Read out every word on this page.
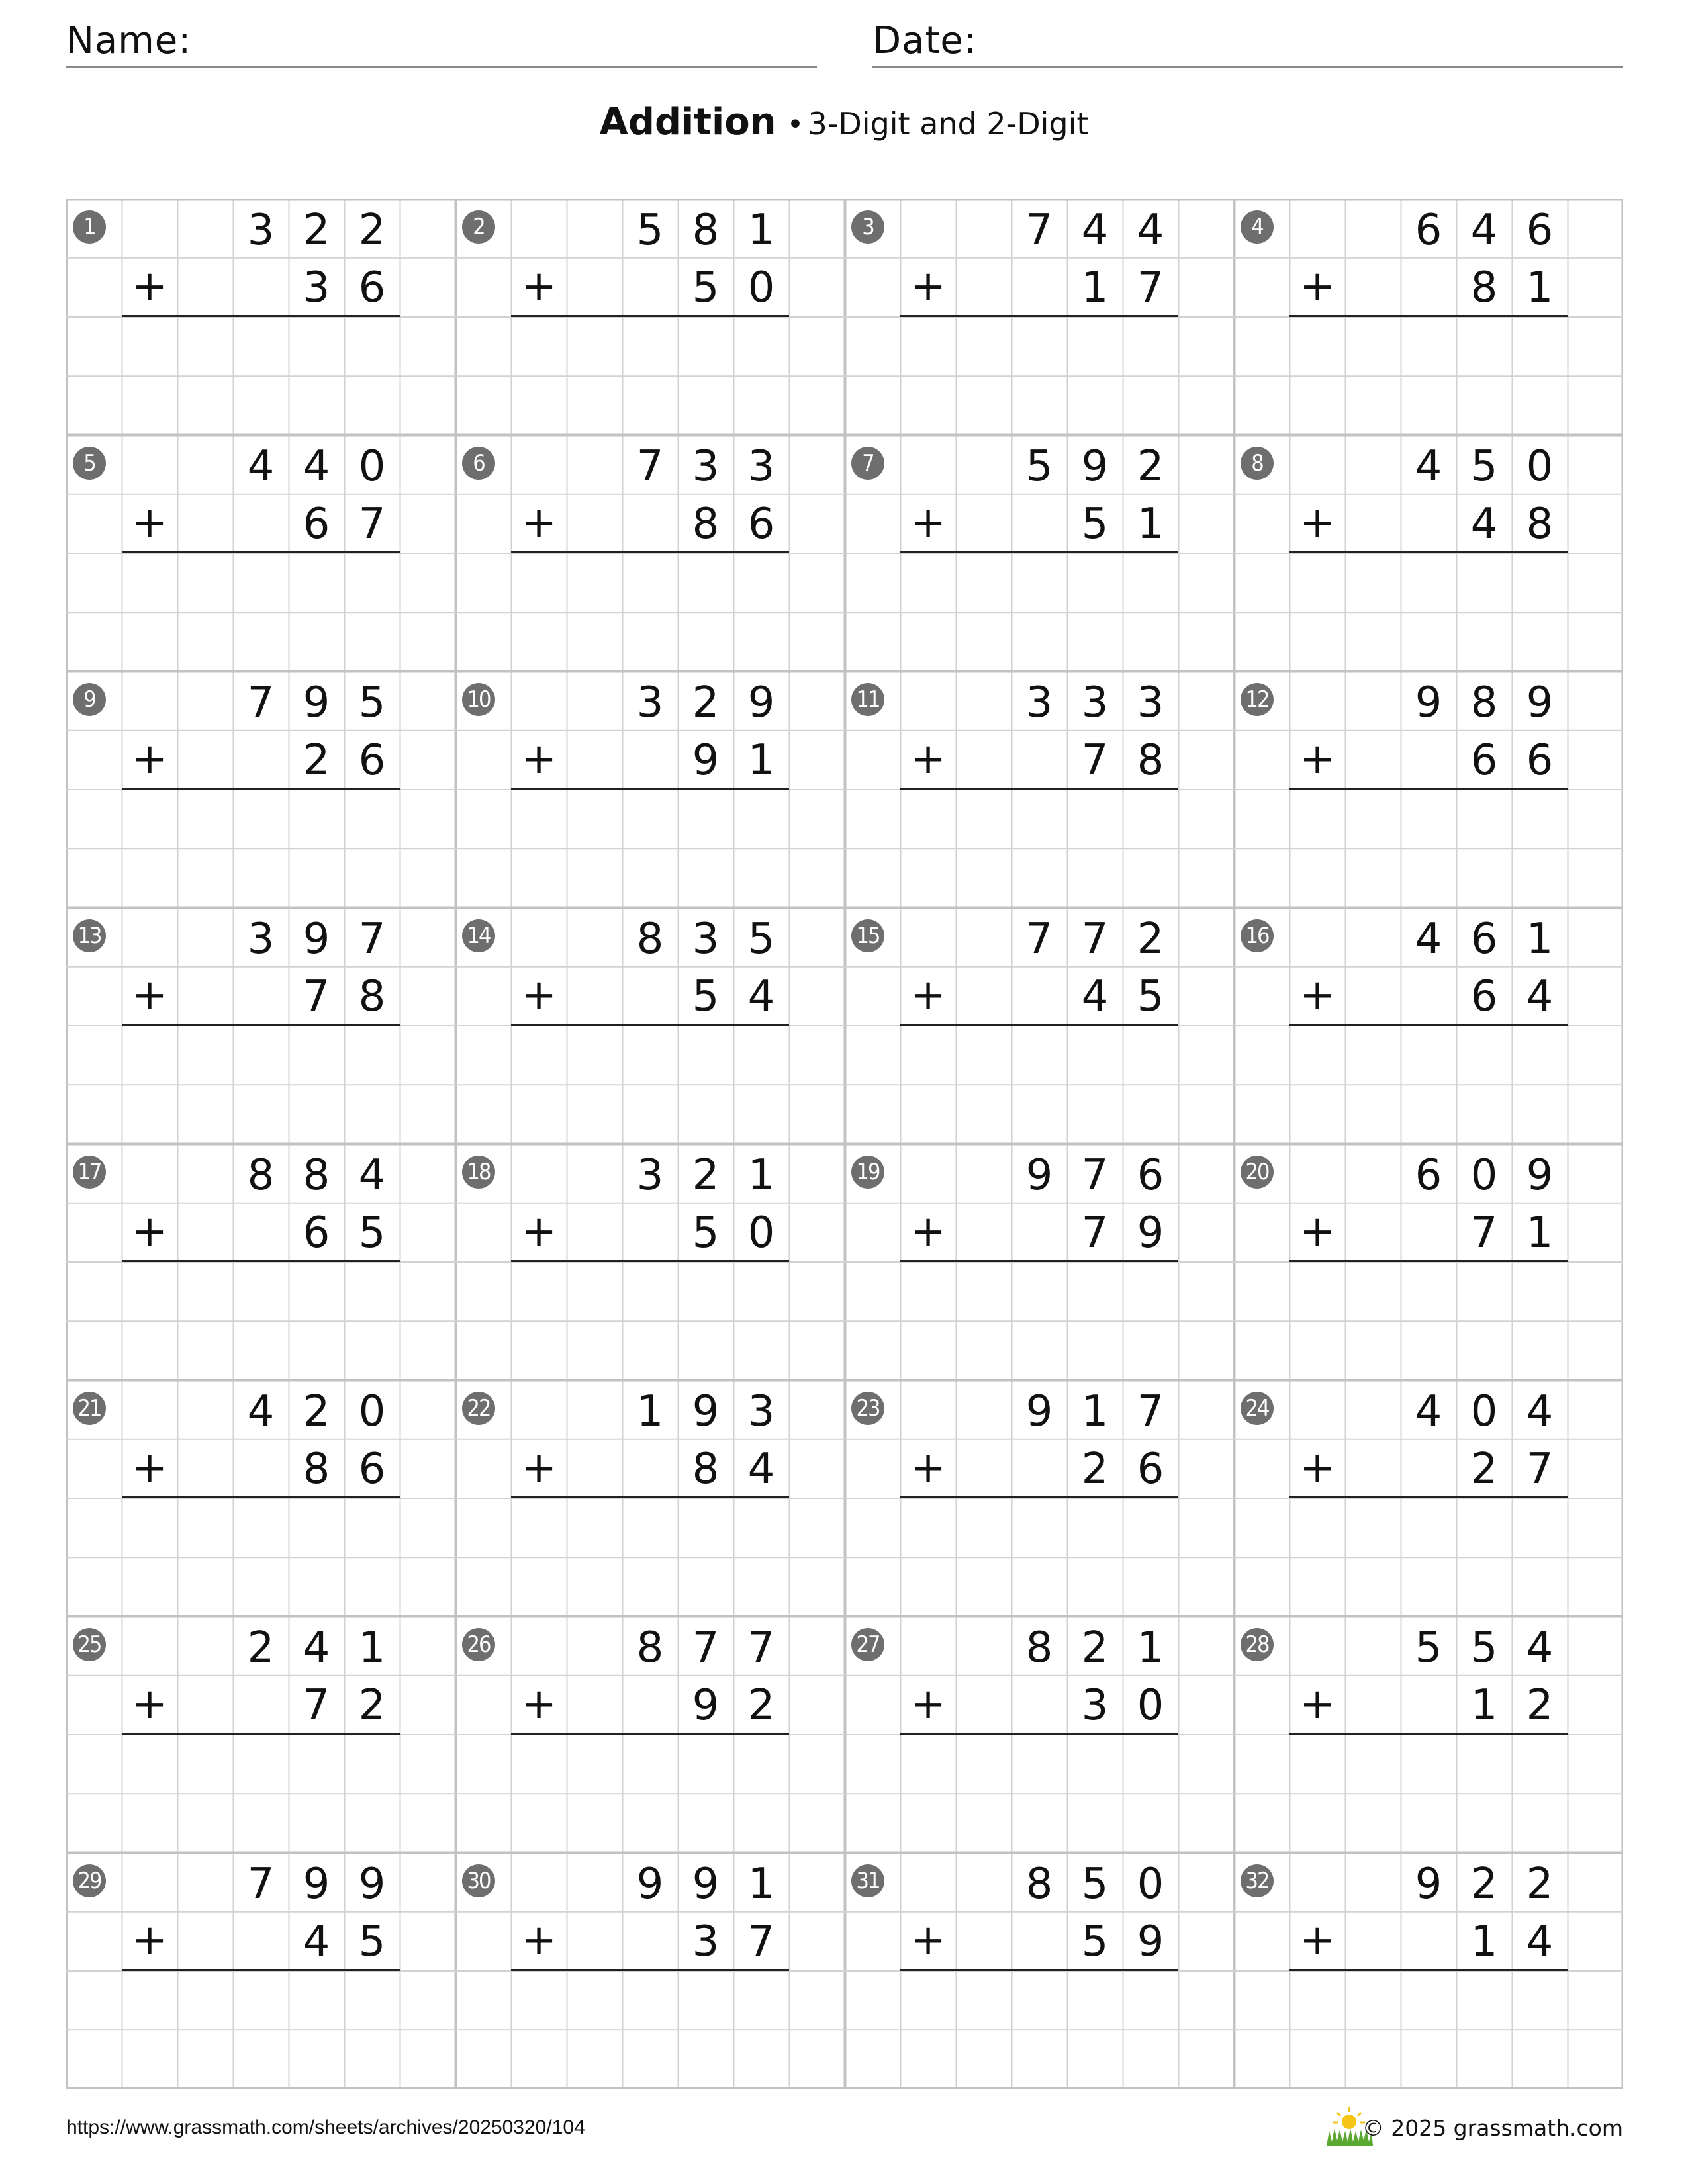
Name:	Date:
Addition • 3-Digit and 2-Digit
1	3 2 2
+	3 6
2	5 8 1
+	5 0
3	7 4 4
+	1 7
4	6 4 6
+	8 1
5	4 4 0
+	6 7
6	7 3 3
+	8 6
7	5 9 2
+	5 1
8	4 5 0
+	4 8
9	7 9 5
+	2 6
10	3 2 9
+	9 1
11	3 3 3
+	7 8
12	9 8 9
+	6 6
13	3 9 7
+	7 8
14	8 3 5
+	5 4
15	7 7 2
+	4 5
16	4 6 1
+	6 4
17	8 8 4
+	6 5
18	3 2 1
+	5 0
19	9 7 6
+	7 9
20	6 0 9
+	7 1
21	4 2 0
+	8 6
22	1 9 3
+	8 4
23	9 1 7
+	2 6
24	4 0 4
+	2 7
25	2 4 1
+	7 2
26	8 7 7
+	9 2
27	8 2 1
+	3 0
28	5 5 4
+	1 2
29	7 9 9
+	4 5
30	9 9 1
+	3 7
31	8 5 0
+	5 9
32	9 2 2
+	1 4
https://www.grassmath.com/sheets/archives/20250320/104	© 2025 grassmath.com
